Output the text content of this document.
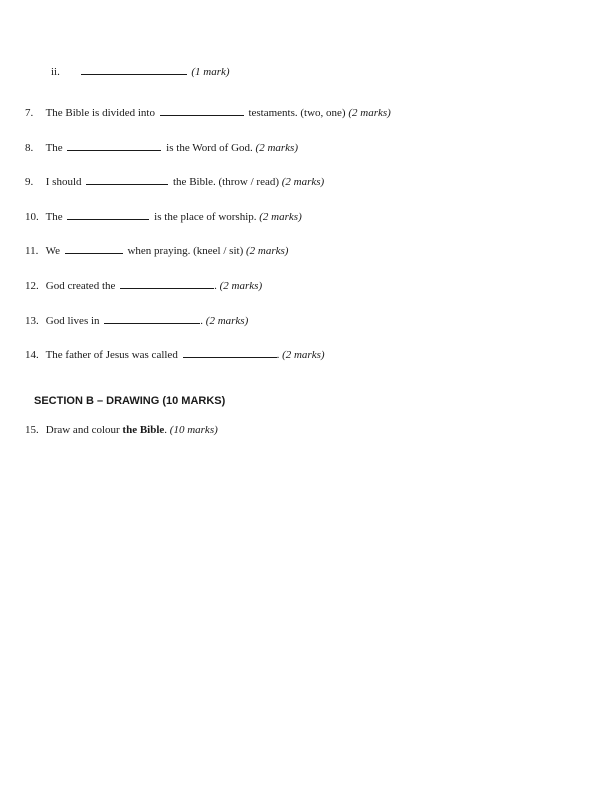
ii.	(1 mark)
7. The Bible is divided into	testaments. (two, one) (2 marks)
8. The	is the Word of God. (2 marks)
9. I should	the Bible. (throw / read) (2 marks)
10. The	is the place of worship. (2 marks)
11. We	when praying. (kneel / sit) (2 marks)
12. God created the	. (2 marks)
13. God lives in	. (2 marks)
14. The father of Jesus was called	. (2 marks)
SECTION B – DRAWING (10 MARKS)
15. Draw and colour the Bible. (10 marks)
